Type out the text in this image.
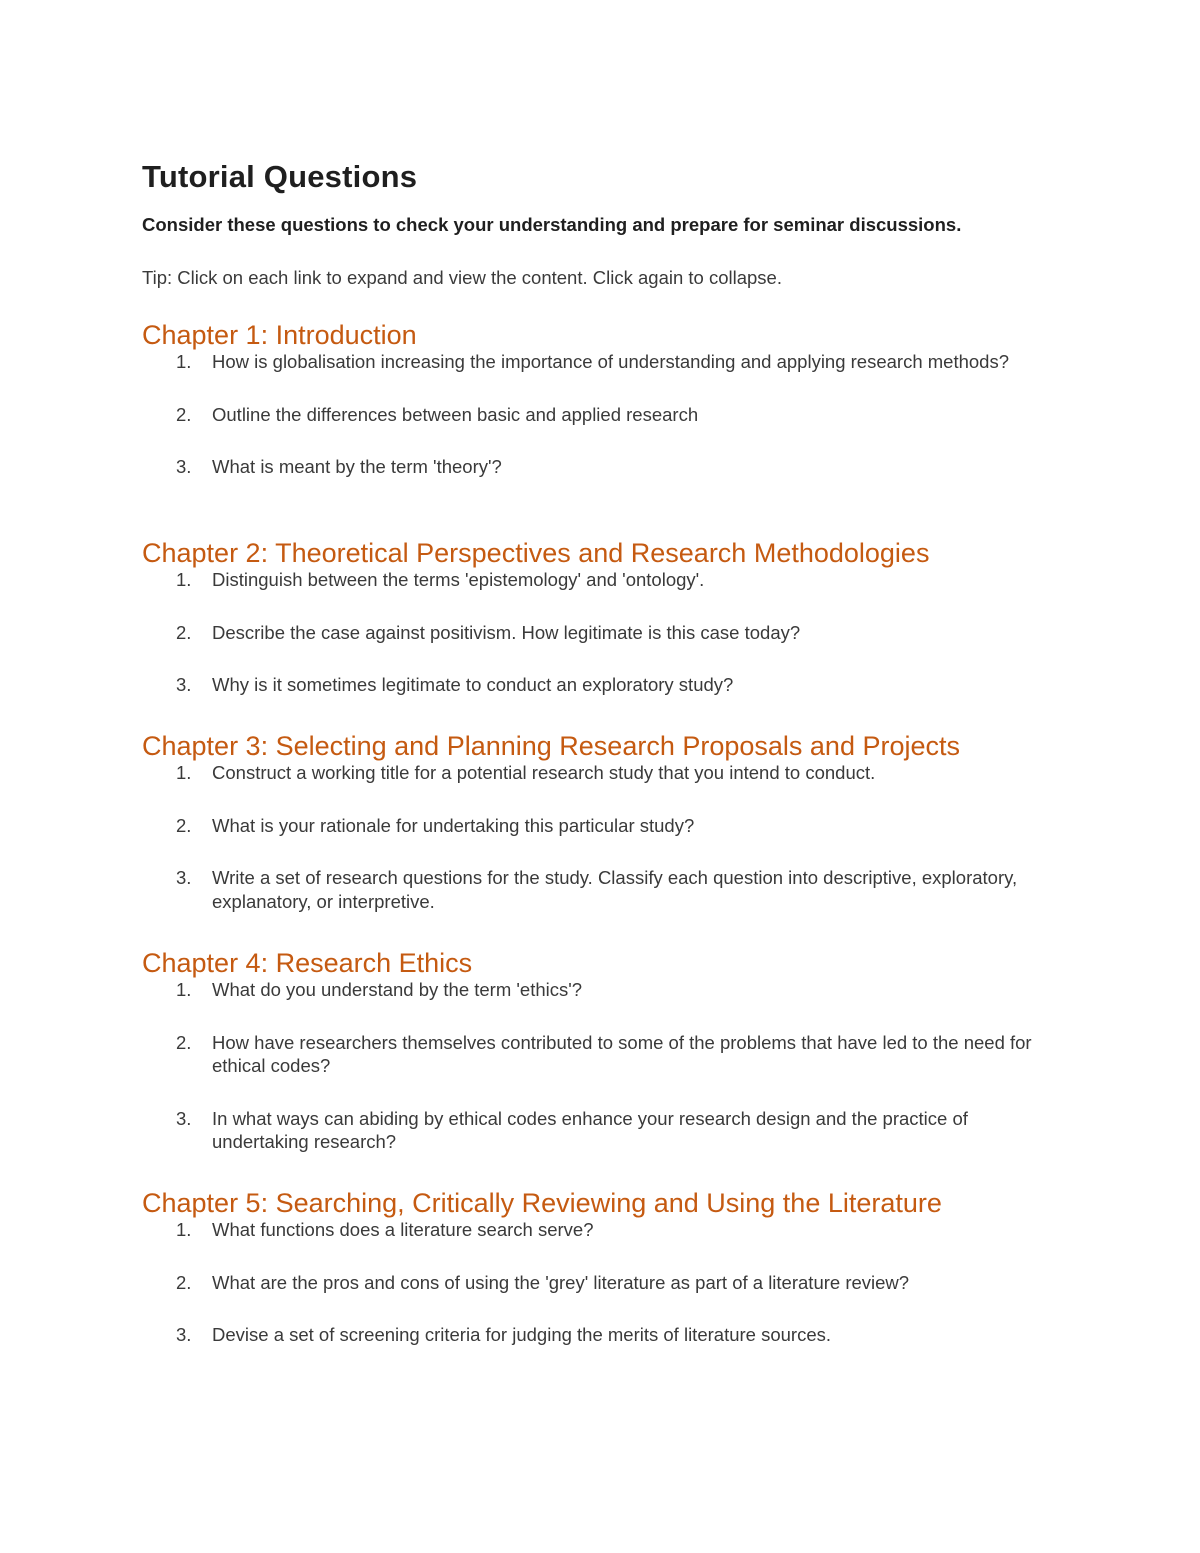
Tutorial Questions

Consider these questions to check your understanding and prepare for seminar discussions.

Tip: Click on each link to expand and view the content. Click again to collapse.

Chapter 1: Introduction
1. How is globalisation increasing the importance of understanding and applying research methods?
2. Outline the differences between basic and applied research
3. What is meant by the term 'theory'?
Chapter 2: Theoretical Perspectives and Research Methodologies
1. Distinguish between the terms 'epistemology' and 'ontology'.
2. Describe the case against positivism. How legitimate is this case today?
3. Why is it sometimes legitimate to conduct an exploratory study?
Chapter 3: Selecting and Planning Research Proposals and Projects
1. Construct a working title for a potential research study that you intend to conduct.
2. What is your rationale for undertaking this particular study?
3. Write a set of research questions for the study. Classify each question into descriptive, exploratory, explanatory, or interpretive.
Chapter 4: Research Ethics
1. What do you understand by the term 'ethics'?
2. How have researchers themselves contributed to some of the problems that have led to the need for ethical codes?
3. In what ways can abiding by ethical codes enhance your research design and the practice of undertaking research?
Chapter 5: Searching, Critically Reviewing and Using the Literature
1. What functions does a literature search serve?
2. What are the pros and cons of using the 'grey' literature as part of a literature review?
3. Devise a set of screening criteria for judging the merits of literature sources.
